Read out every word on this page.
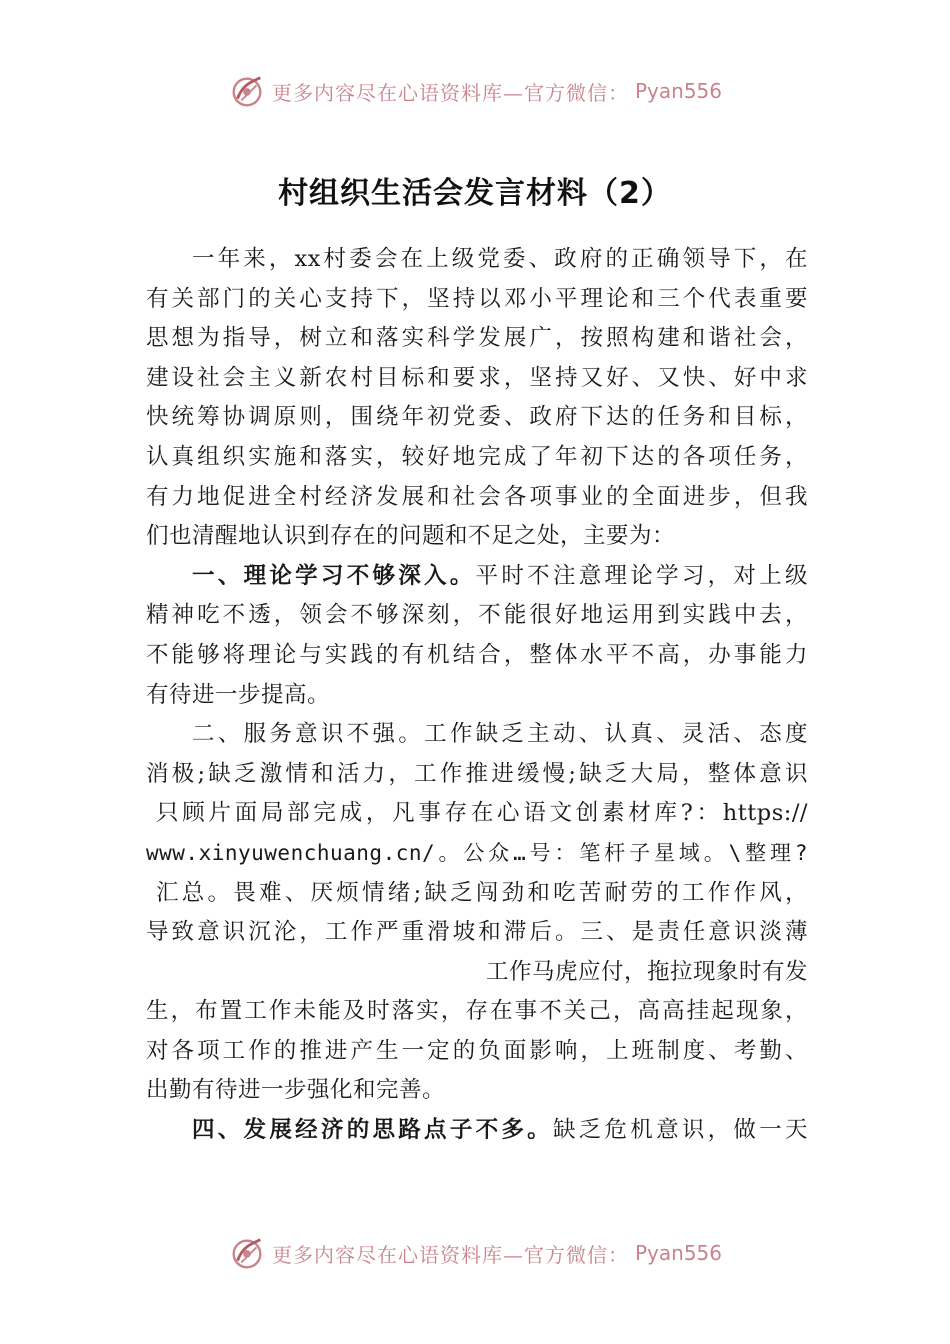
更多内容尽在心语资料库—官方微信： Pyan556
村组织生活会发言材料（2）
一年来，xx村委会在上级党委、政府的正确领导下，在
有关部门的关心支持下，坚持以邓小平理论和三个代表重要
思想为指导，树立和落实科学发展广，按照构建和谐社会，
建设社会主义新农村目标和要求，坚持又好、又快、好中求
快统筹协调原则，围绕年初党委、政府下达的任务和目标，
认真组织实施和落实，较好地完成了年初下达的各项任务，
有力地促进全村经济发展和社会各项事业的全面进步，但我
们也清醒地认识到存在的问题和不足之处，主要为：
一、理论学习不够深入。平时不注意理论学习，对上级
精神吃不透，领会不够深刻，不能很好地运用到实践中去，
不能够将理论与实践的有机结合，整体水平不高，办事能力
有待进一步提高。
二、服务意识不强。工作缺乏主动、认真、灵活、态度
消极;缺乏激情和活力，工作推进缓慢;缺乏大局，整体意识
只顾片面局部完成，凡事存在心语文创素材库?：https://
www.xinyuwenchuang.cn/。公众…号：笔杆子星域。\整理?
汇总。畏难、厌烦情绪;缺乏闯劲和吃苦耐劳的工作作风，
导致意识沉沦，工作严重滑坡和滞后。三、是责任意识淡薄
工作马虎应付，拖拉现象时有发
生，布置工作未能及时落实，存在事不关己，高高挂起现象，
对各项工作的推进产生一定的负面影响，上班制度、考勤、
出勤有待进一步强化和完善。
四、发展经济的思路点子不多。缺乏危机意识，做一天
更多内容尽在心语资料库—官方微信： Pyan556
